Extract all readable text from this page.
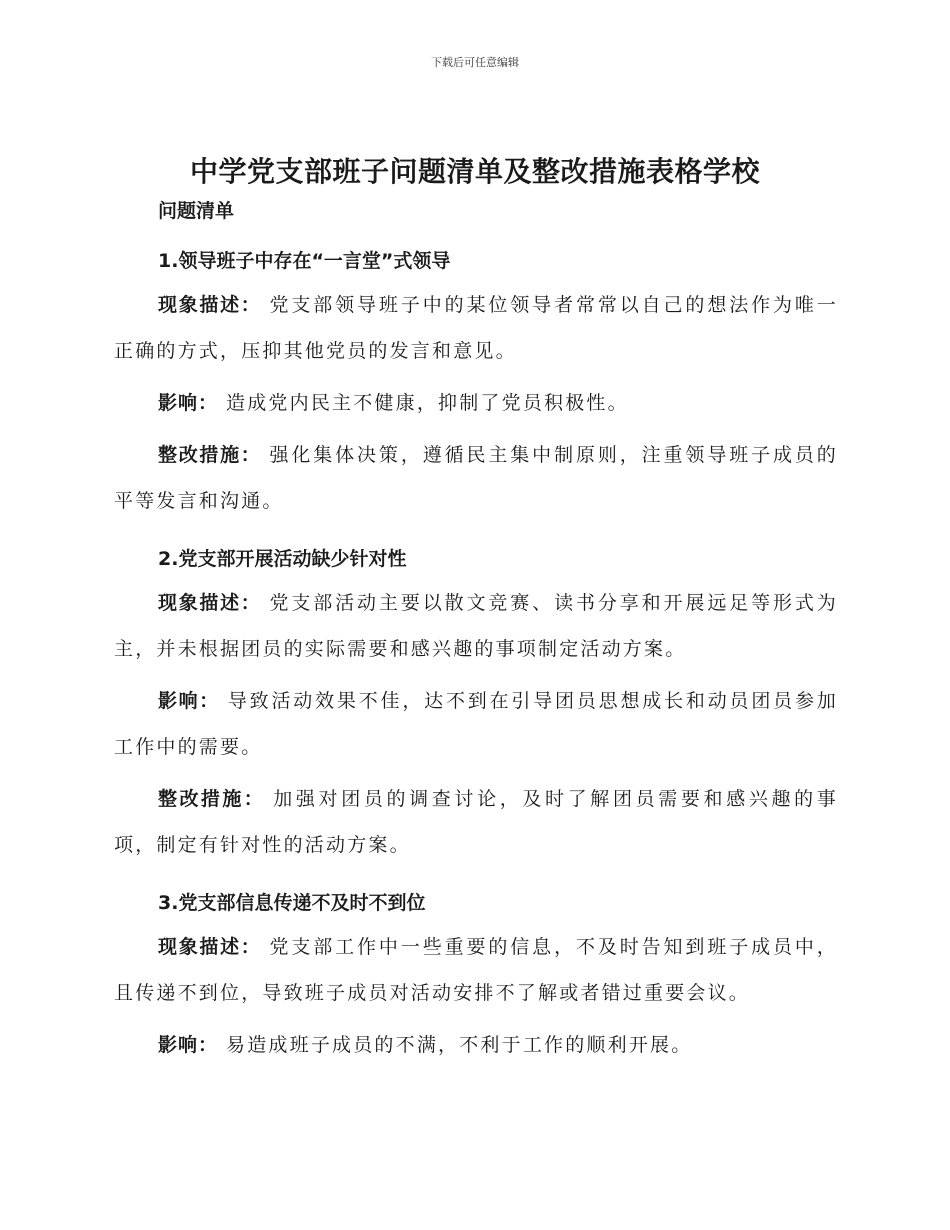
下载后可任意编辑
中学党支部班子问题清单及整改措施表格学校
问题清单
1.领导班子中存在“一言堂”式领导

现象描述： 党支部领导班子中的某位领导者常常以自己的想法作为唯一正确的方式，压抑其他党员的发言和意见。

影响： 造成党内民主不健康，抑制了党员积极性。

整改措施： 强化集体决策，遵循民主集中制原则，注重领导班子成员的平等发言和沟通。

2.党支部开展活动缺少针对性

现象描述： 党支部活动主要以散文竞赛、读书分享和开展远足等形式为主，并未根据团员的实际需要和感兴趣的事项制定活动方案。

影响： 导致活动效果不佳，达不到在引导团员思想成长和动员团员参加工作中的需要。

整改措施： 加强对团员的调查讨论，及时了解团员需要和感兴趣的事项，制定有针对性的活动方案。

3.党支部信息传递不及时不到位

现象描述： 党支部工作中一些重要的信息，不及时告知到班子成员中，且传递不到位，导致班子成员对活动安排不了解或者错过重要会议。

影响： 易造成班子成员的不满，不利于工作的顺利开展。
